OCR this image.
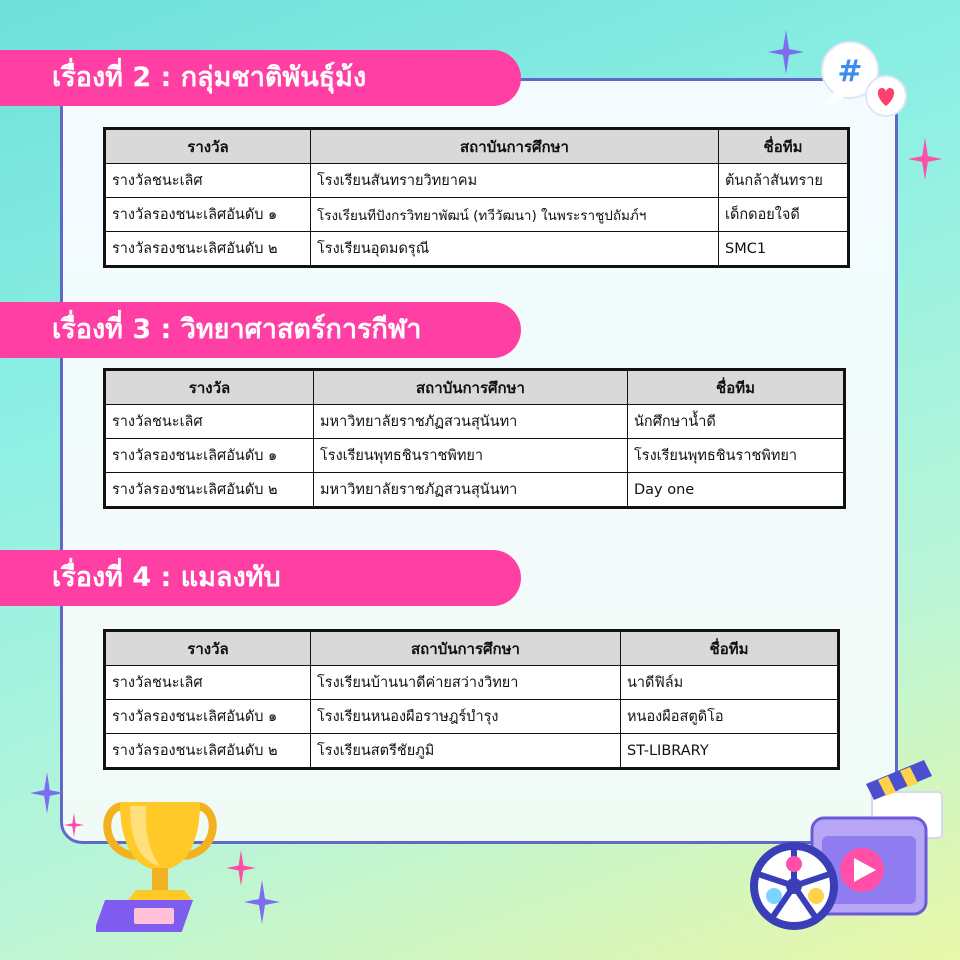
เรื่องที่ 2 : กลุ่มชาติพันธุ์ม้ง
เรื่องที่ 3 : วิทยาศาสตร์การกีฬา
เรื่องที่ 4 : แมลงทับ
รางวัล	สถาบันการศึกษา	ชื่อทีม
รางวัลชนะเลิศ	โรงเรียนสันทรายวิทยาคม	ต้นกล้าสันทราย
รางวัลรองชนะเลิศอันดับ ๑	โรงเรียนทีปังกรวิทยาพัฒน์ (ทวีวัฒนา) ในพระราชูปถัมภ์ฯ	เด็กดอยใจดี
รางวัลรองชนะเลิศอันดับ ๒	โรงเรียนอุดมดรุณี	SMC1
รางวัล	สถาบันการศึกษา	ชื่อทีม
รางวัลชนะเลิศ	มหาวิทยาลัยราชภัฏสวนสุนันทา	นักศึกษาน้ำดี
รางวัลรองชนะเลิศอันดับ ๑	โรงเรียนพุทธชินราชพิทยา	โรงเรียนพุทธชินราชพิทยา
รางวัลรองชนะเลิศอันดับ ๒	มหาวิทยาลัยราชภัฏสวนสุนันทา	Day one
รางวัล	สถาบันการศึกษา	ชื่อทีม
รางวัลชนะเลิศ	โรงเรียนบ้านนาดีค่ายสว่างวิทยา	นาดีฟิล์ม
รางวัลรองชนะเลิศอันดับ ๑	โรงเรียนหนองผือราษฎร์บำรุง	หนองผือสตูดิโอ
รางวัลรองชนะเลิศอันดับ ๒	โรงเรียนสตรีชัยภูมิ	ST-LIBRARY
#
